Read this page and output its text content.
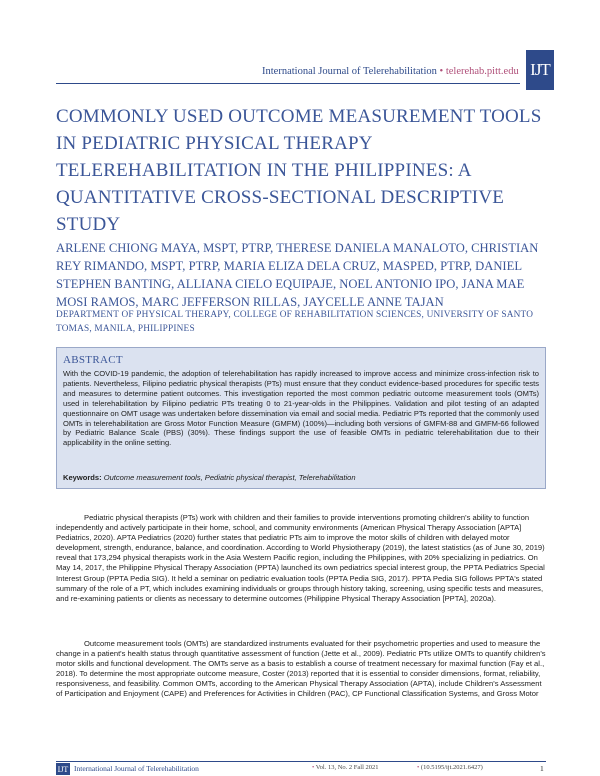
International Journal of Telerehabilitation • telerehab.pitt.edu IJT
COMMONLY USED OUTCOME MEASUREMENT TOOLS IN PEDIATRIC PHYSICAL THERAPY TELEREHABILITATION IN THE PHILIPPINES: A QUANTITATIVE CROSS-SECTIONAL DESCRIPTIVE STUDY
ARLENE CHIONG MAYA, MSPT, PTRP, THERESE DANIELA MANALOTO, CHRISTIAN REY RIMANDO, MSPT, PTRP, MARIA ELIZA DELA CRUZ, MASPED, PTRP, DANIEL STEPHEN BANTING, ALLIANA CIELO EQUIPAJE, NOEL ANTONIO IPO, JANA MAE MOSI RAMOS, MARC JEFFERSON RILLAS, JAYCELLE ANNE TAJAN
DEPARTMENT OF PHYSICAL THERAPY, COLLEGE OF REHABILITATION SCIENCES, UNIVERSITY OF SANTO TOMAS, MANILA, PHILIPPINES
ABSTRACT
With the COVID-19 pandemic, the adoption of telerehabilitation has rapidly increased to improve access and minimize cross-infection risk to patients. Nevertheless, Filipino pediatric physical therapists (PTs) must ensure that they conduct evidence-based procedures for specific tests and measures to determine patient outcomes. This investigation reported the most common pediatric outcome measurement tools (OMTs) used in telerehabilitation by Filipino pediatric PTs treating 0 to 21-year-olds in the Philippines. Validation and pilot testing of an adapted questionnaire on OMT usage was undertaken before dissemination via email and social media. Pediatric PTs reported that the commonly used OMTs in telerehabilitation are Gross Motor Function Measure (GMFM) (100%)—including both versions of GMFM-88 and GMFM-66 followed by Pediatric Balance Scale (PBS) (30%). These findings support the use of feasible OMTs in pediatric telerehabilitation due to their applicability in the online setting.
Keywords: Outcome measurement tools, Pediatric physical therapist, Telerehabilitation

Pediatric physical therapists (PTs) work with children and their families to provide interventions promoting children's ability to function independently and actively participate in their home, school, and community environments (American Physical Therapy Association [APTA] Pediatrics, 2020). APTA Pediatrics (2020) further states that pediatric PTs aim to improve the motor skills of children with delayed motor development, strength, endurance, balance, and coordination. According to World Physiotherapy (2019), the latest statistics (as of June 30, 2019) reveal that 173,294 physical therapists work in the Asia Western Pacific region, including the Philippines, with 20% specializing in pediatrics. On May 14, 2017, the Philippine Physical Therapy Association (PPTA) launched its own pediatrics special interest group, the PPTA Pediatrics Special Interest Group (PPTA Pedia SIG). It held a seminar on pediatric evaluation tools (PPTA Pedia SIG, 2017). PPTA Pedia SIG follows PPTA's stated summary of the role of a PT, which includes examining individuals or groups through history taking, screening, using specific tests and measures, and re-examining patients or clients as necessary to determine outcomes (Philippine Physical Therapy Association [PPTA], 2020a).

Outcome measurement tools (OMTs) are standardized instruments evaluated for their psychometric properties and used to measure the change in a patient's health status through quantitative assessment of function (Jette et al., 2009). Pediatric PTs utilize OMTs to quantify children's motor skills and functional development. The OMTs serve as a basis to establish a course of treatment necessary for maximal function (Fay et al., 2018). To determine the most appropriate outcome measure, Coster (2013) reported that it is essential to consider dimensions, format, reliability, responsiveness, and feasibility. Common OMTs, according to the American Physical Therapy Association (APTA), include Children's Assessment of Participation and Enjoyment (CAPE) and Preferences for Activities in Children (PAC), CP Functional Classification Systems, and Gross Motor

IJT International Journal of Telerehabilitation	• Vol. 13, No. 2 Fall 2021	• (10.5195/ijt.2021.6427)	1
